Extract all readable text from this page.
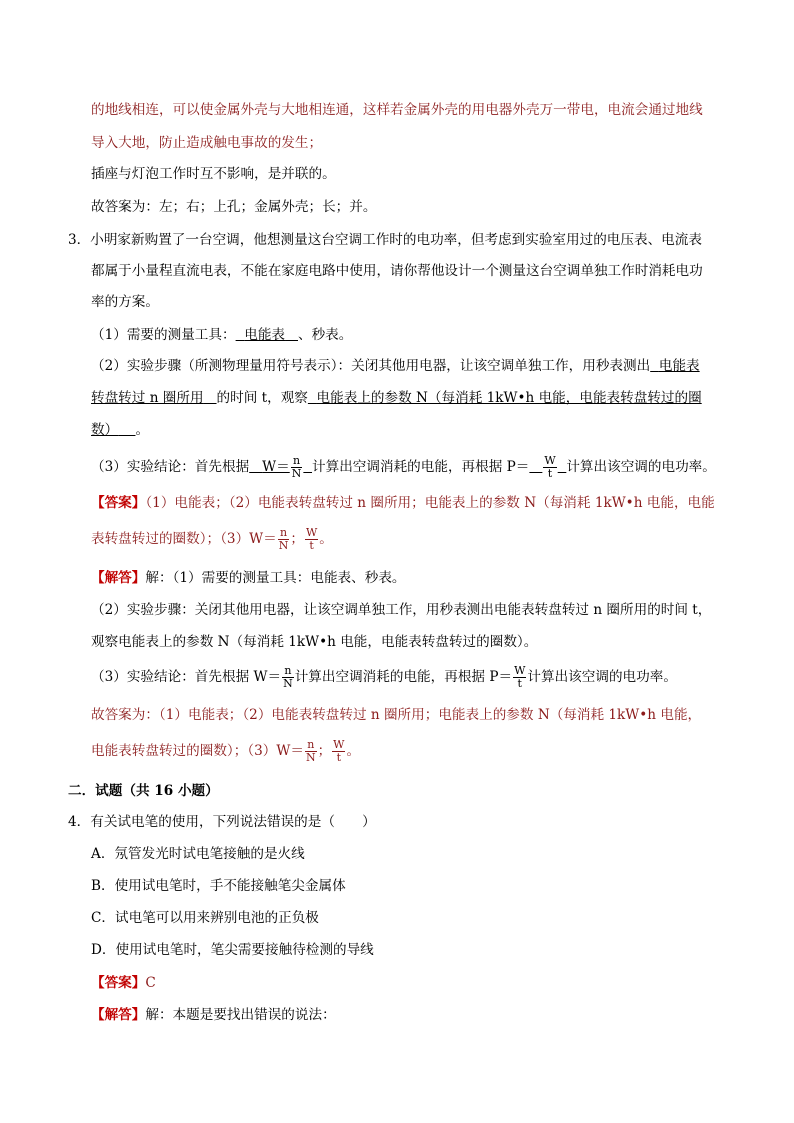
的地线相连，可以使金属外壳与大地相连通，这样若金属外壳的用电器外壳万一带电，电流会通过地线
导入大地，防止造成触电事故的发生；
插座与灯泡工作时互不影响，是并联的。
故答案为：左；右；上孔；金属外壳；长；并。
3．小明家新购置了一台空调，他想测量这台空调工作时的电功率，但考虑到实验室用过的电压表、电流表
都属于小量程直流电表，不能在家庭电路中使用，请你帮他设计一个测量这台空调单独工作时消耗电功
率的方案。
（1）需要的测量工具： 电能表 、秒表。
（2）实验步骤（所测物理量用符号表示）：关闭其他用电器，让该空调单独工作，用秒表测出 电能表
转盘转过 n 圈所用 的时间 t，观察 电能表上的参数 N（每消耗 1kW•h 电能，电能表转盘转过的圈
数） 。
（3）实验结论：首先根据 $W= \frac{n}{N}$ 计算出空调消耗的电能，再根据 $P= \frac{W}{t}$ 计算出该空调的电功率。
【答案】（1）电能表；（2）电能表转盘转过 n 圈所用；电能表上的参数 N（每消耗 1kW•h 电能，电能
表转盘转过的圈数）；$(3)W= \frac{n}{N}$ ； $\frac{W}{t}$ 。
【解答】解：（1）需要的测量工具：电能表、秒表。
（2）实验步骤：关闭其他用电器，让该空调单独工作，用秒表测出电能表转盘转过 n 圈所用的时间 t，
观察电能表上的参数 N（每消耗 1kW•h 电能，电能表转盘转过的圈数）。
（3）实验结论：首先根据 $W= \frac{n}{N}$ 计算出空调消耗的电能，再根据 $P= \frac{W}{t}$ 计算出该空调的电功率。
故答案为：（1）电能表；（2）电能表转盘转过 n 圈所用；电能表上的参数 N（每消耗 1kW•h 电能，
电能表转盘转过的圈数）；$(3)W= \frac{n}{N}$ ； $\frac{W}{t}$ 。
二．试题（共 16 小题）
4．有关试电笔的使用，下列说法错误的是（　　）
A．氖管发光时试电笔接触的是火线
B．使用试电笔时，手不能接触笔尖金属体
C．试电笔可以用来辨别电池的正负极
D．使用试电笔时，笔尖需要接触待检测的导线
【答案】C
【解答】解：本题是要找出错误的说法：
